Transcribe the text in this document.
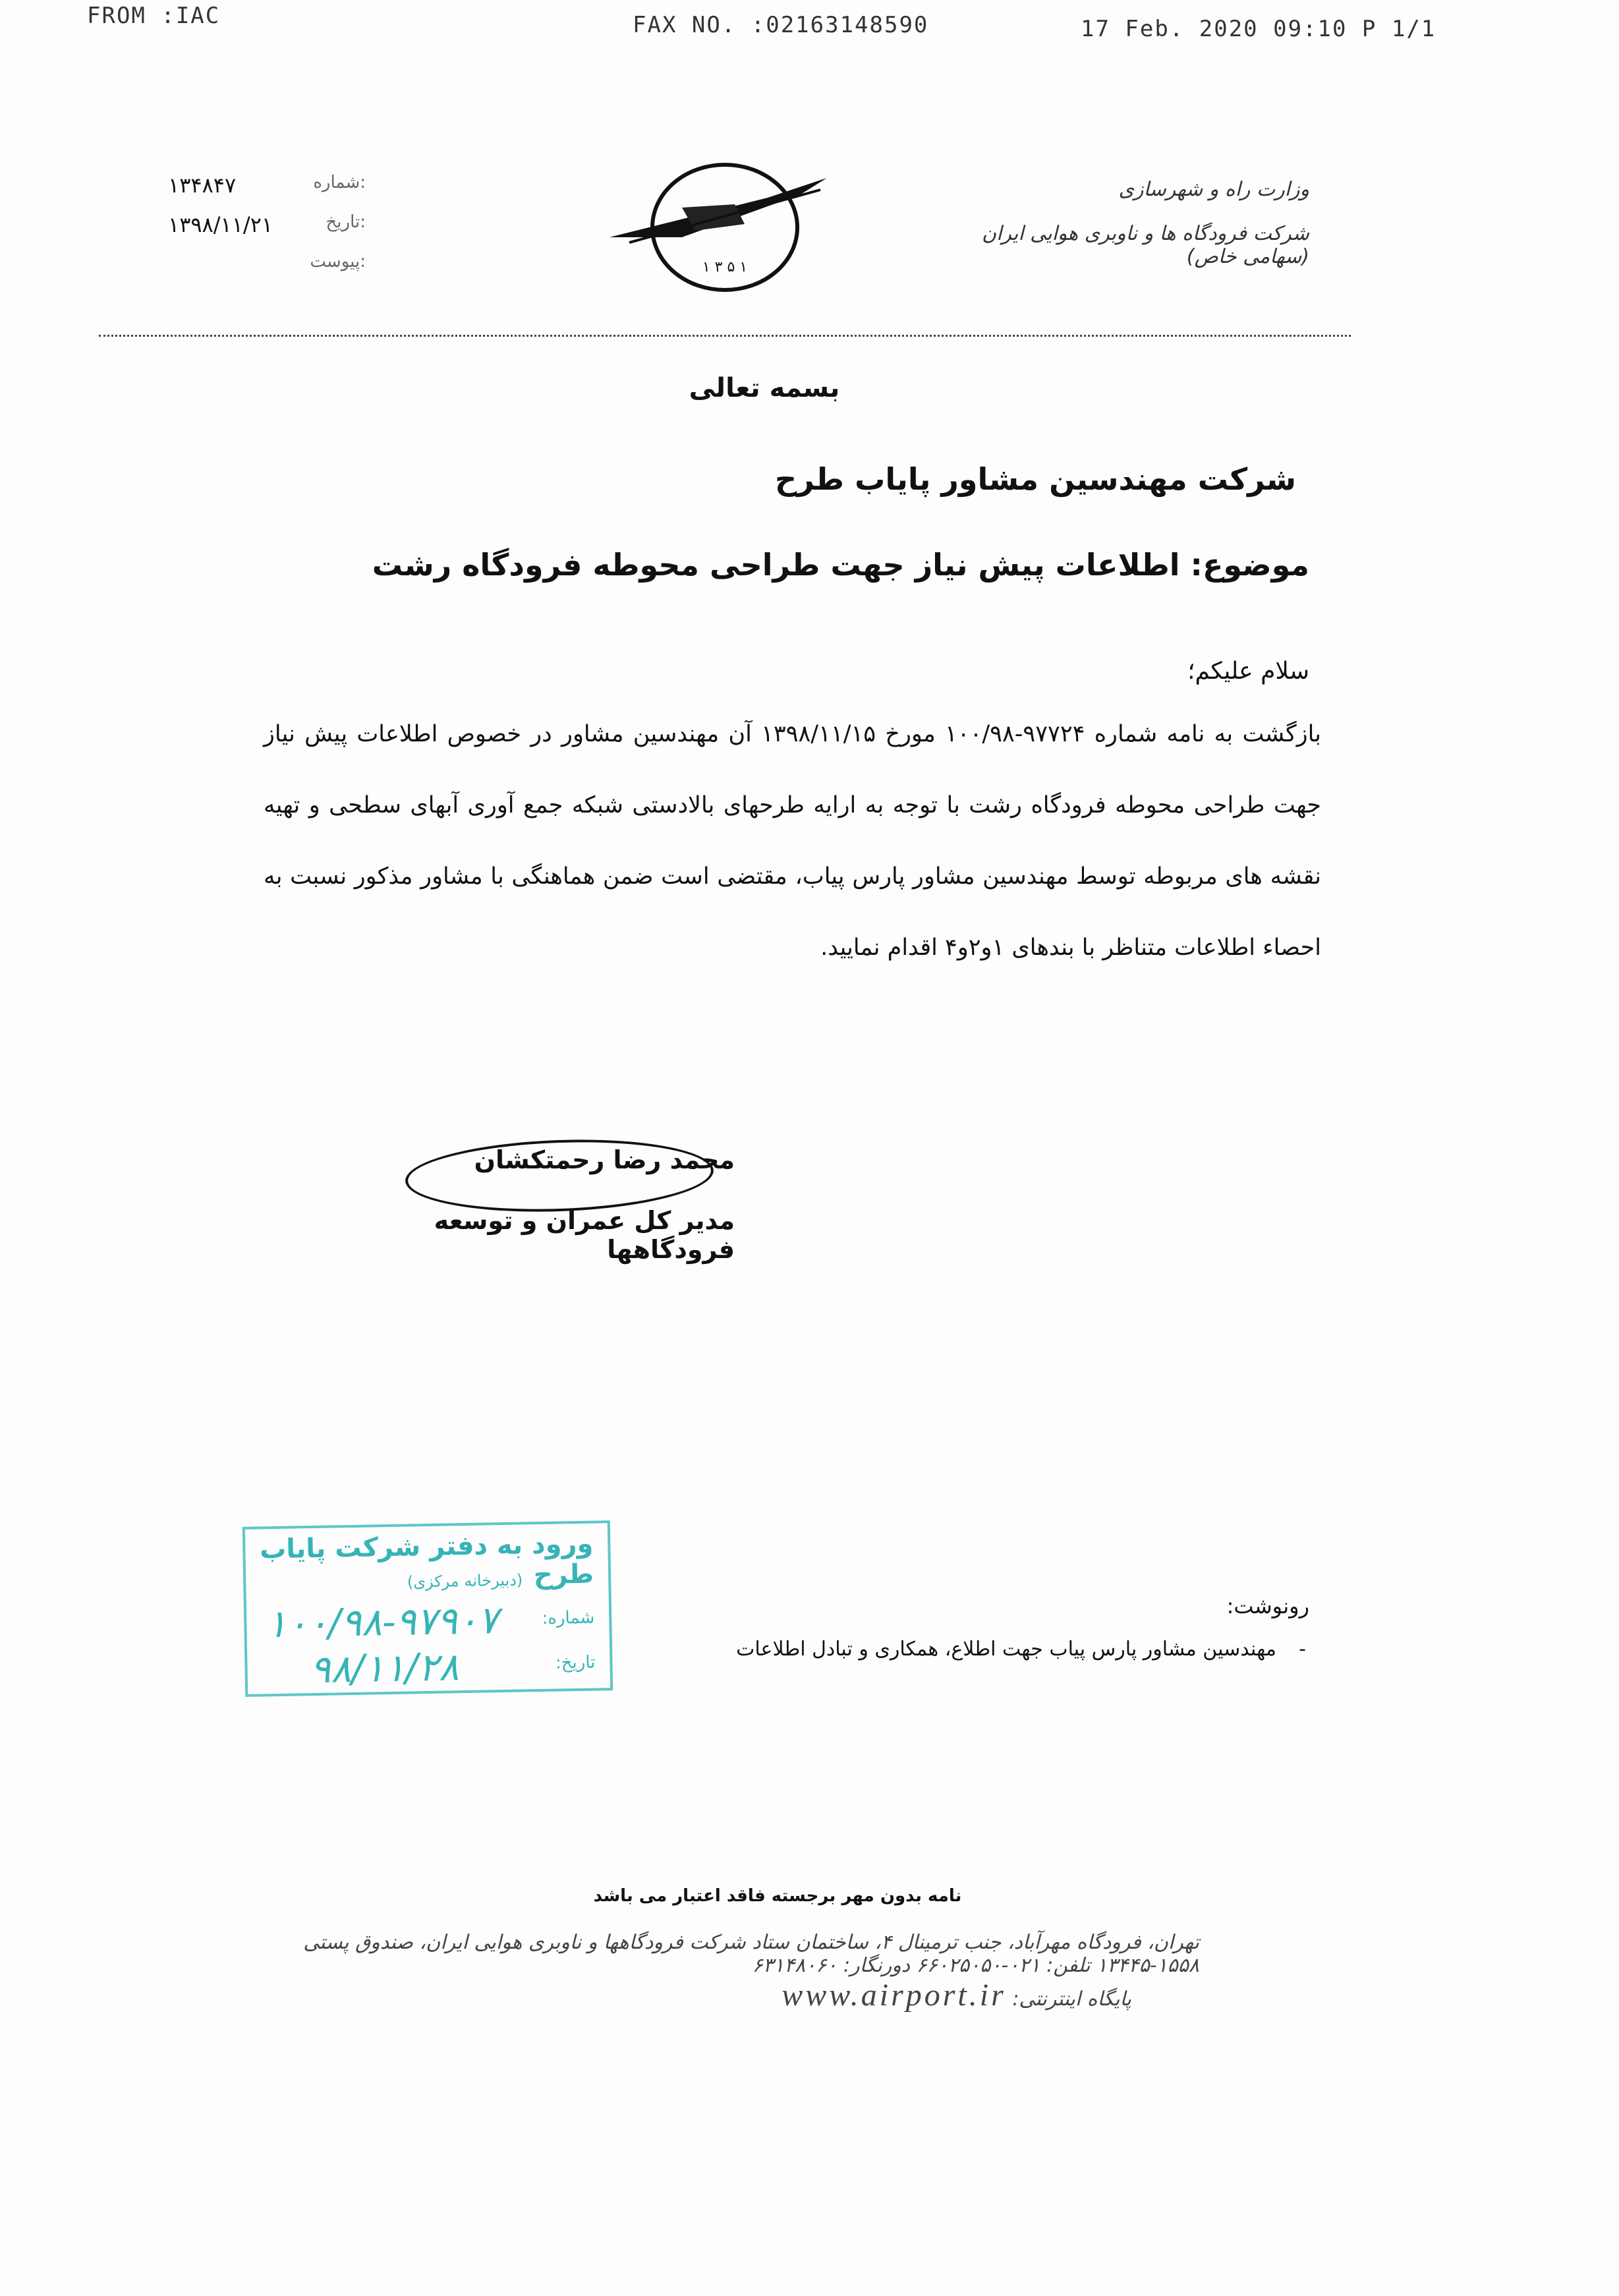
FROM :IAC	FAX NO. :02163148590	17 Feb. 2020 09:10 P 1/1
۱۳۴۸۴۷	شماره:
۱۳۹۸/۱۱/۲۱	تاریخ:
پیوست:	۱ ۳ ۵ ۱
وزارت راه و شهرسازی
شرکت فرودگاه ها و ناوبری هوایی ایران (سهامی خاص)
بسمه تعالی
شرکت مهندسین مشاور پایاب طرح
موضوع: اطلاعات پیش نیاز جهت طراحی محوطه فرودگاه رشت
سلام علیکم؛
بازگشت به نامه شماره ۹۷۷۲۴-۱۰۰/۹۸ مورخ ۱۳۹۸/۱۱/۱۵ آن مهندسین مشاور در خصوص اطلاعات پیش نیاز جهت طراحی محوطه فرودگاه رشت با توجه به ارایه طرحهای بالادستی شبکه جمع آوری آبهای سطحی و تهیه نقشه های مربوطه توسط مهندسین مشاور پارس پیاب، مقتضی است ضمن هماهنگی با مشاور مذکور نسبت به احصاء اطلاعات متناظر با بندهای ۱و۲و۴ اقدام نمایید.
محمد رضا رحمتکشان
مدیر کل عمران و توسعه فرودگاهها
ورود به دفتر شرکت پایاب طرح
(دبیرخانه مرکزی)
شماره:
۱۰۰/۹۸-۹۷۹۰۷
تاریخ:
۹۸/۱۱/۲۸
رونوشت:
-
مهندسین مشاور پارس پیاب جهت اطلاع، همکاری و تبادل اطلاعات
نامه بدون مهر برجسته فاقد اعتبار می باشد
تهران، فرودگاه مهرآباد، جنب ترمینال ۴، ساختمان ستاد شرکت فرودگاهها و ناوبری هوایی ایران، صندوق پستی ۱۵۵۸-۱۳۴۴۵ تلفن: ۰۲۱-۶۶۰۲۵۰۵۰ دورنگار: ۶۳۱۴۸۰۶۰
پایگاه اینترنتی: www.airport.ir
